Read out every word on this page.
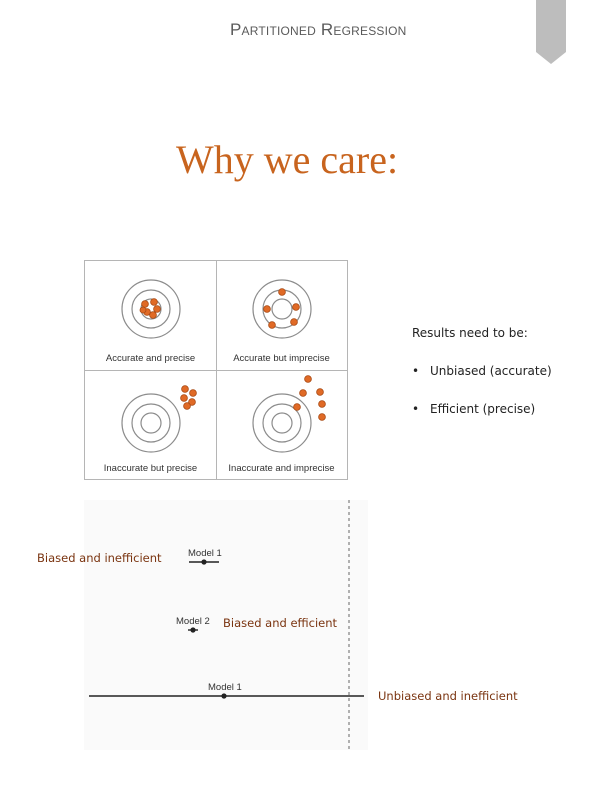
Partitioned Regression
Why we care:
Accurate and precise	Accurate but imprecise
Inaccurate but precise	Inaccurate and imprecise
Results need to be:
• Unbiased (accurate)
• Efficient (precise)
Model 1
Model 2
Model 1
Biased and inefficient
Biased and efficient
Unbiased and inefficient
